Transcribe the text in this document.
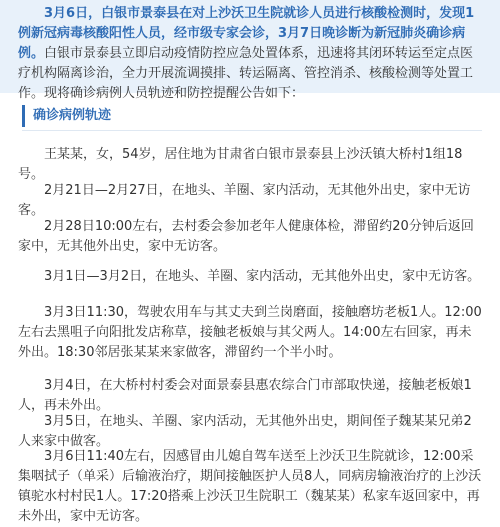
3月6日，白银市景泰县在对上沙沃卫生院就诊人员进行核酸检测时，发现1例新冠病毒核酸阳性人员，经市级专家会诊，3月7日晚诊断为新冠肺炎确诊病例。白银市景泰县立即启动疫情防控应急处置体系，迅速将其闭环转运至定点医疗机构隔离诊治，全力开展流调摸排、转运隔离、管控消杀、核酸检测等处置工作。现将确诊病例人员轨迹和防控提醒公告如下：

确诊病例轨迹

王某某，女，54岁，居住地为甘肃省白银市景泰县上沙沃镇大桥村1组18号。

2月21日—2月27日，在地头、羊圈、家内活动，无其他外出史，家中无访客。

2月28日10:00左右，去村委会参加老年人健康体检，滞留约20分钟后返回家中，无其他外出史，家中无访客。

3月1日—3月2日，在地头、羊圈、家内活动，无其他外出史，家中无访客。

3月3日11:30，驾驶农用车与其丈夫到兰岗磨面，接触磨坊老板1人。12:00左右去黑咀子向阳批发店称草，接触老板娘与其父两人。14:00左右回家，再未外出。18:30邻居张某某来家做客，滞留约一个半小时。

3月4日，在大桥村村委会对面景泰县惠农综合门市部取快递，接触老板娘1人，再未外出。

3月5日，在地头、羊圈、家内活动，无其他外出史，期间侄子魏某某兄弟2人来家中做客。

3月6日11:40左右，因感冒由儿媳自驾车送至上沙沃卫生院就诊，12:00采集咽拭子（单采）后输液治疗，期间接触医护人员8人，同病房输液治疗的上沙沃镇驼水村村民1人。17:20搭乘上沙沃卫生院职工（魏某某）私家车返回家中，再未外出，家中无访客。
